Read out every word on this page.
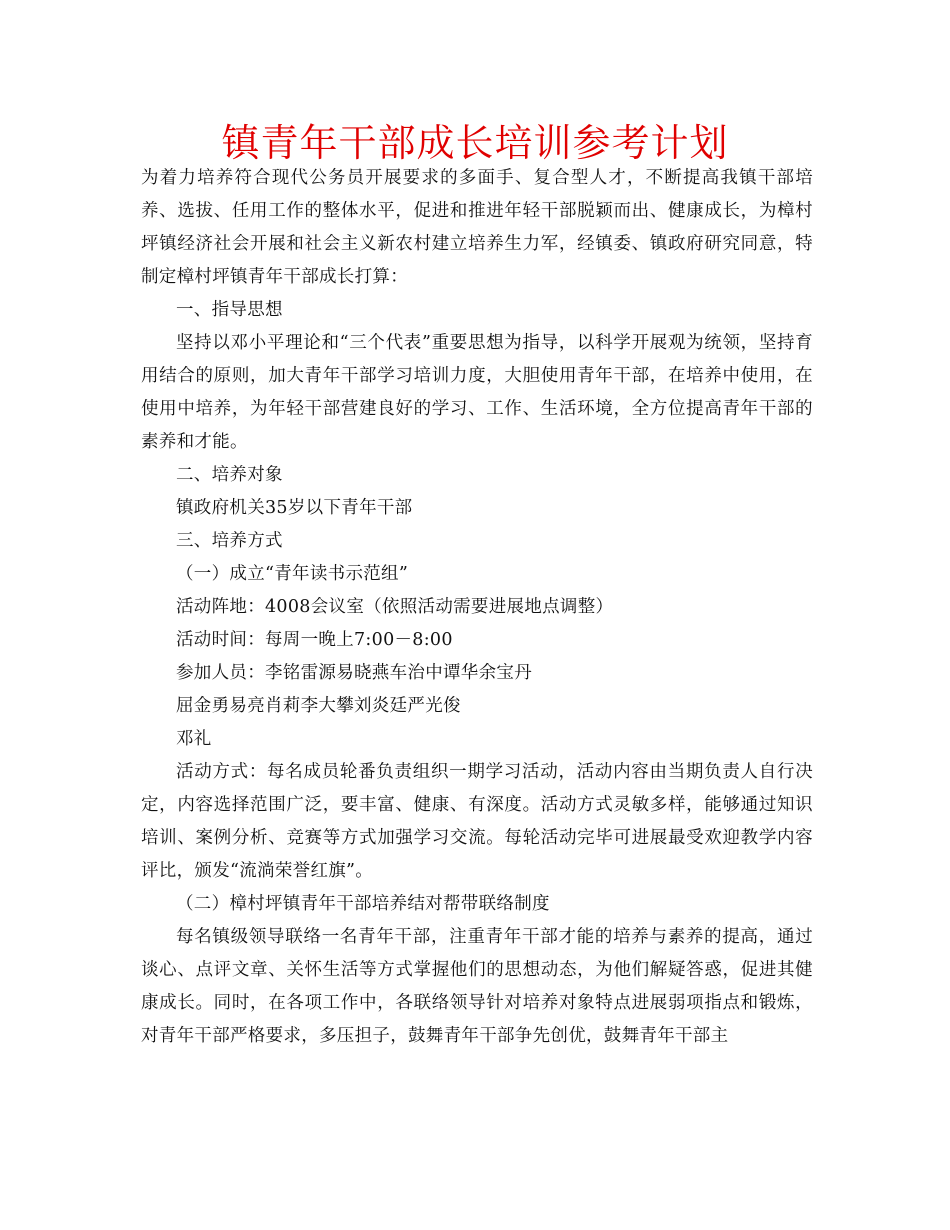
镇青年干部成长培训参考计划

为着力培养符合现代公务员开展要求的多面手、复合型人才，不断提高我镇干部培养、选拔、任用工作的整体水平，促进和推进年轻干部脱颖而出、健康成长，为樟村坪镇经济社会开展和社会主义新农村建立培养生力军，经镇委、镇政府研究同意，特制定樟村坪镇青年干部成长打算：

一、指导思想

坚持以邓小平理论和“三个代表”重要思想为指导，以科学开展观为统领，坚持育用结合的原则，加大青年干部学习培训力度，大胆使用青年干部，在培养中使用，在使用中培养，为年轻干部营建良好的学习、工作、生活环境，全方位提高青年干部的素养和才能。

二、培养对象

镇政府机关35岁以下青年干部

三、培养方式

（一）成立“青年读书示范组”

活动阵地：4008会议室（依照活动需要进展地点调整）

活动时间：每周一晚上7:00－8:00

参加人员：李铭雷源易晓燕车治中谭华余宝丹

屈金勇易亮肖莉李大攀刘炎廷严光俊

邓礼

活动方式：每名成员轮番负责组织一期学习活动，活动内容由当期负责人自行决定，内容选择范围广泛，要丰富、健康、有深度。活动方式灵敏多样，能够通过知识培训、案例分析、竞赛等方式加强学习交流。每轮活动完毕可进展最受欢迎教学内容评比，颁发“流淌荣誉红旗”。

（二）樟村坪镇青年干部培养结对帮带联络制度

每名镇级领导联络一名青年干部，注重青年干部才能的培养与素养的提高，通过谈心、点评文章、关怀生活等方式掌握他们的思想动态，为他们解疑答惑，促进其健康成长。同时，在各项工作中，各联络领导针对培养对象特点进展弱项指点和锻炼，对青年干部严格要求，多压担子，鼓舞青年干部争先创优，鼓舞青年干部主
